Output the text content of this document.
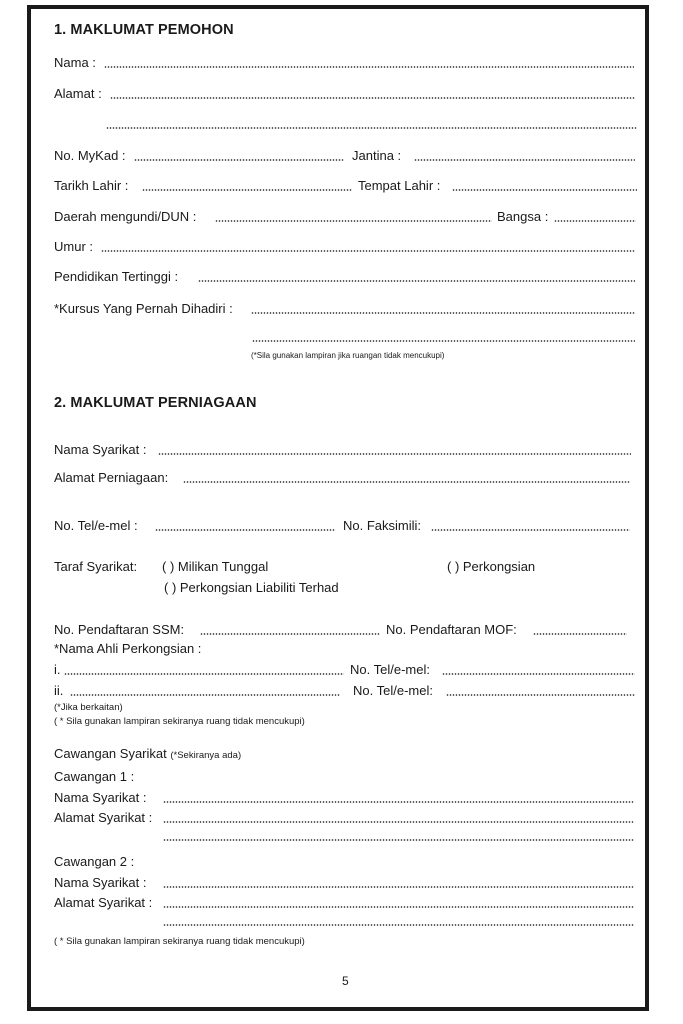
1. MAKLUMAT PEMOHON
Nama :
Alamat :
No. MyKad :	Jantina :
Tarikh Lahir :	Tempat Lahir :
Daerah mengundi/DUN :	Bangsa :
Umur :
Pendidikan Tertinggi :
*Kursus Yang Pernah Dihadiri :
(*Sila gunakan lampiran jika ruangan tidak mencukupi)
2. MAKLUMAT PERNIAGAAN
Nama Syarikat :
Alamat Perniagaan:
No. Tel/e-mel :	No. Faksimili:
Taraf Syarikat: ( ) Milikan Tunggal	( ) Perkongsian
( ) Perkongsian Liabiliti Terhad
No. Pendaftaran SSM:	No. Pendaftaran MOF:
*Nama Ahli Perkongsian :
i.	No. Tel/e-mel:
ii.	No. Tel/e-mel:
(*Jika berkaitan)
( * Sila gunakan lampiran sekiranya ruang tidak mencukupi)
Cawangan Syarikat (*Sekiranya ada)
Cawangan 1 :
Nama Syarikat :
Alamat Syarikat :
Cawangan 2 :
Nama Syarikat :
Alamat Syarikat :
( * Sila gunakan lampiran sekiranya ruang tidak mencukupi)
5
